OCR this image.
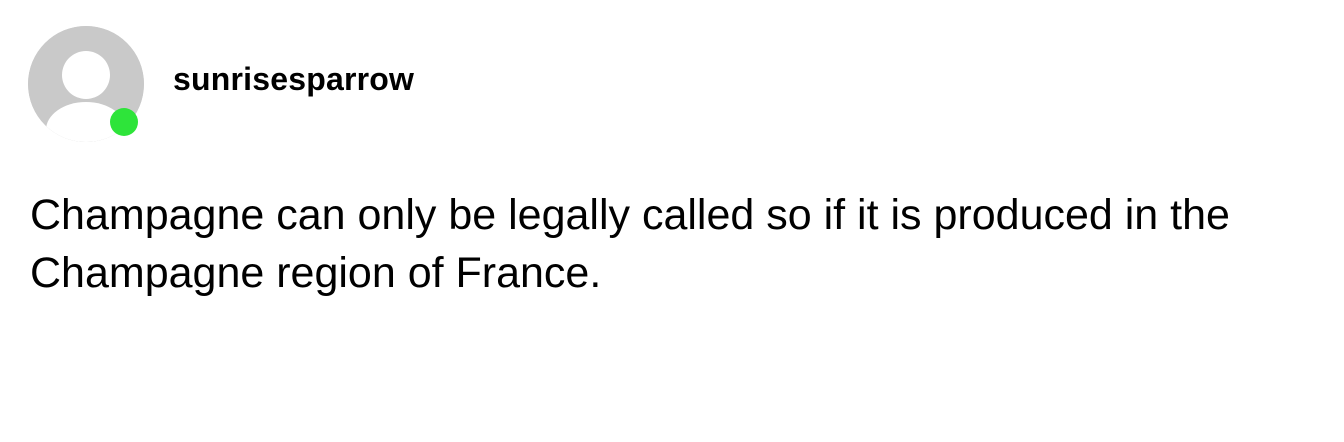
sunrisesparrow

Champagne can only be legally called so if it is produced in the Champagne region of France.
